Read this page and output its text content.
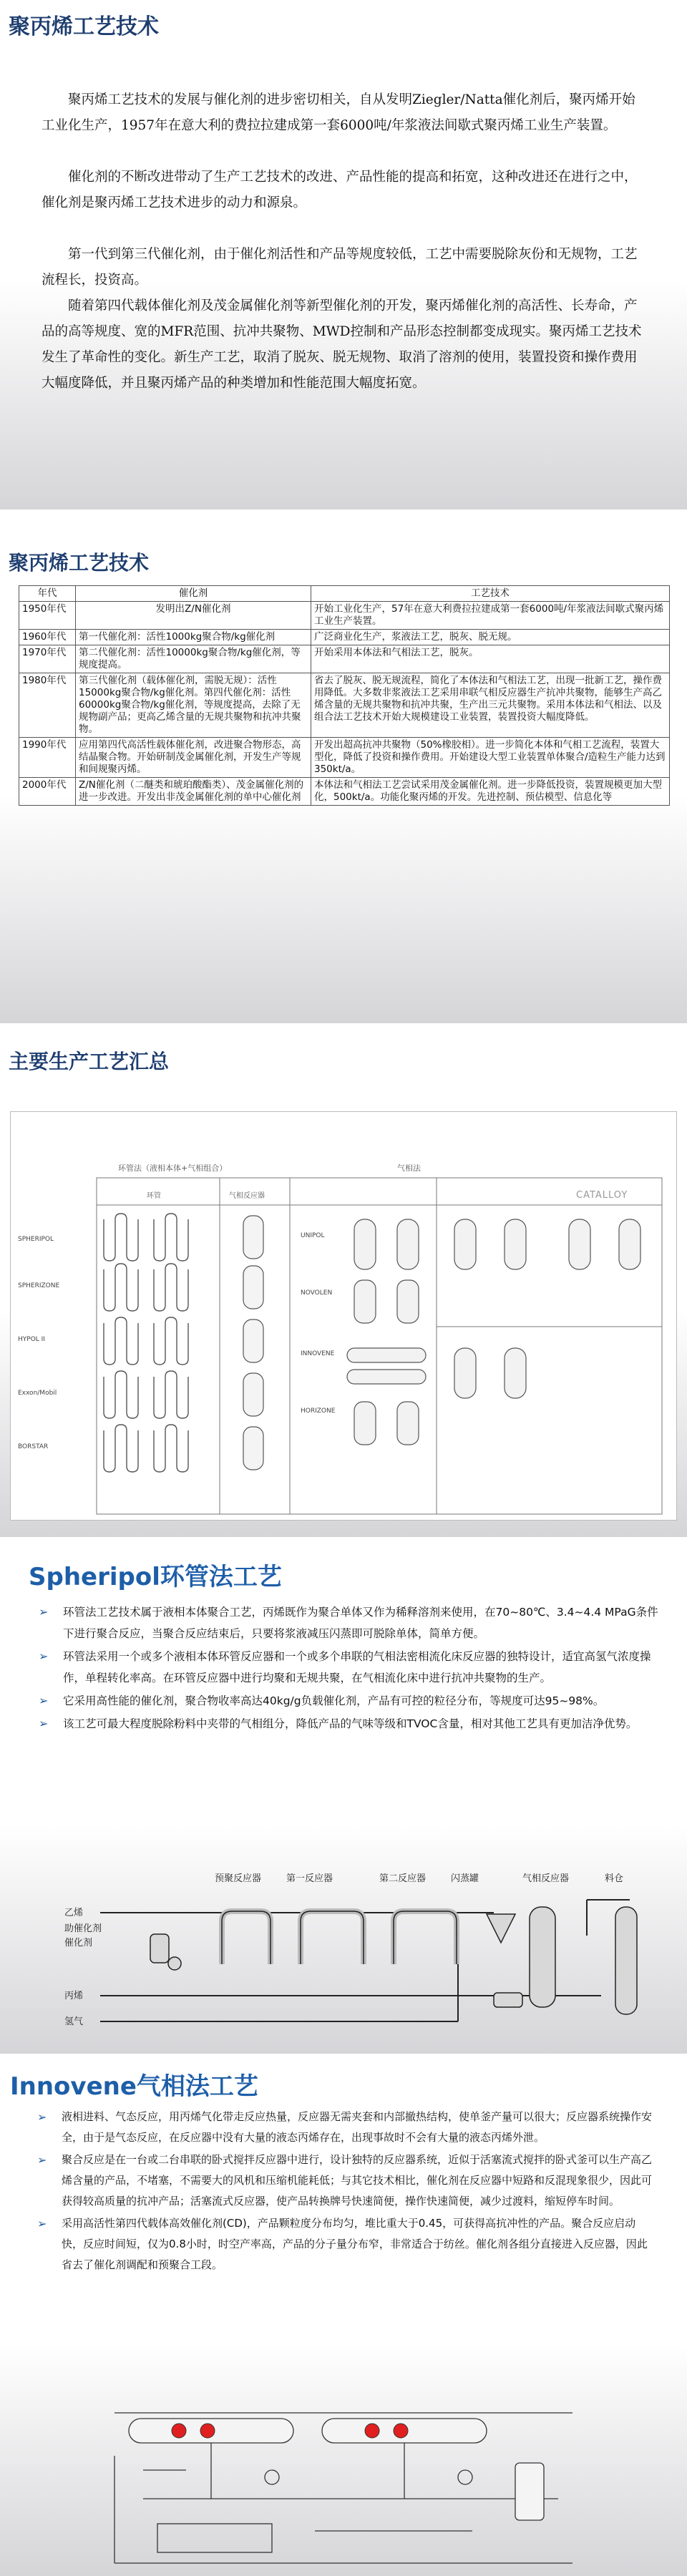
聚丙烯工艺技术

聚丙烯工艺技术的发展与催化剂的进步密切相关，自从发明Ziegler/Natta催化剂后，聚丙烯开始工业化生产，1957年在意大利的费拉拉建成第一套6000吨/年浆液法间歇式聚丙烯工业生产装置。

催化剂的不断改进带动了生产工艺技术的改进、产品性能的提高和拓宽，这种改进还在进行之中，催化剂是聚丙烯工艺技术进步的动力和源泉。

第一代到第三代催化剂，由于催化剂活性和产品等规度较低，工艺中需要脱除灰份和无规物，工艺流程长，投资高。

随着第四代载体催化剂及茂金属催化剂等新型催化剂的开发，聚丙烯催化剂的高活性、长寿命，产品的高等规度、宽的MFR范围、抗冲共聚物、MWD控制和产品形态控制都变成现实。聚丙烯工艺技术发生了革命性的变化。新生产工艺，取消了脱灰、脱无规物、取消了溶剂的使用，装置投资和操作费用大幅度降低，并且聚丙烯产品的种类增加和性能范围大幅度拓宽。

聚丙烯工艺技术
年代	催化剂	工艺技术
1950年代	发明出Z/N催化剂	开始工业化生产，57年在意大利费拉拉建成第一套6000吨/年浆液法间歇式聚丙烯工业生产装置。
1960年代	第一代催化剂：活性1000kg聚合物/kg催化剂	广泛商业化生产，浆液法工艺，脱灰、脱无规。
1970年代	第二代催化剂：活性10000kg聚合物/kg催化剂，等规度提高。	开始采用本体法和气相法工艺，脱灰。
1980年代	第三代催化剂（载体催化剂，需脱无规）：活性15000kg聚合物/kg催化剂。第四代催化剂：活性60000kg聚合物/kg催化剂，等规度提高，去除了无规物副产品；更高乙烯含量的无规共聚物和抗冲共聚物。	省去了脱灰、脱无规流程，简化了本体法和气相法工艺，出现一批新工艺，操作费用降低。大多数非浆液法工艺采用串联气相反应器生产抗冲共聚物，能够生产高乙烯含量的无规共聚物和抗冲共聚，生产出三元共聚物。采用本体法和气相法、以及组合法工艺技术开始大规模建设工业装置，装置投资大幅度降低。
1990年代	应用第四代高活性载体催化剂，改进聚合物形态，高结晶聚合物。开始研制茂金属催化剂，开发生产等规和间规聚丙烯。	开发出超高抗冲共聚物（50%橡胶相）。进一步简化本体和气相工艺流程，装置大型化，降低了投资和操作费用。开始建设大型工业装置单体聚合/造粒生产能力达到350kt/a。
2000年代	Z/N催化剂（二醚类和琥珀酸酯类）、茂金属催化剂的进一步改进。开发出非茂金属催化剂的单中心催化剂	本体法和气相法工艺尝试采用茂金属催化剂。进一步降低投资，装置规模更加大型化，500kt/a。功能化聚丙烯的开发。先进控制、预估模型、信息化等
主要生产工艺汇总
环管法（液相本体+气相组合）	气相法
环管	气相反应器	CATALLOY
SPHERIPOL
SPHERIZONE
HYPOL II
Exxon/Mobil
BORSTAR
UNIPOL
NOVOLEN
INNOVENE
HORIZONE
Spheripol环管法工艺
➢ 环管法工艺技术属于液相本体聚合工艺，丙烯既作为聚合单体又作为稀释溶剂来使用，在70~80℃、3.4~4.4 MPaG条件下进行聚合反应，当聚合反应结束后，只要将浆液减压闪蒸即可脱除单体，简单方便。
➢ 环管法采用一个或多个液相本体环管反应器和一个或多个串联的气相法密相流化床反应器的独特设计，适宜高氢气浓度操作，单程转化率高。在环管反应器中进行均聚和无规共聚，在气相流化床中进行抗冲共聚物的生产。
➢ 它采用高性能的催化剂，聚合物收率高达40kg/g负载催化剂，产品有可控的粒径分布，等规度可达95~98%。
➢ 该工艺可最大程度脱除粉料中夹带的气相组分，降低产品的气味等级和TVOC含量，相对其他工艺具有更加洁净优势。
预聚反应器	第一反应器	第二反应器	闪蒸罐	气相反应器	料仓
乙烯
助催化剂
催化剂
丙烯
氢气
Innovene气相法工艺
➢ 液相进料、气态反应，用丙烯气化带走反应热量，反应器无需夹套和内部撤热结构，使单釜产量可以很大；反应器系统操作安全，由于是气态反应，在反应器中没有大量的液态丙烯存在，出现事故时不会有大量的液态丙烯外泄。
➢ 聚合反应是在一台或二台串联的卧式搅拌反应器中进行，设计独特的反应器系统，近似于活塞流式搅拌的卧式釜可以生产高乙烯含量的产品，不堵塞，不需要大的风机和压缩机能耗低；与其它技术相比，催化剂在反应器中短路和反混现象很少，因此可获得较高质量的抗冲产品；活塞流式反应器，使产品转换牌号快速简便，操作快速简便，减少过渡料，缩短停车时间。
➢ 采用高活性第四代载体高效催化剂(CD)，产品颗粒度分布均匀，堆比重大于0.45，可获得高抗冲性的产品。聚合反应启动快，反应时间短，仅为0.8小时，时空产率高，产品的分子量分布窄，非常适合于纺丝。催化剂各组分直接进入反应器，因此省去了催化剂调配和预聚合工段。
